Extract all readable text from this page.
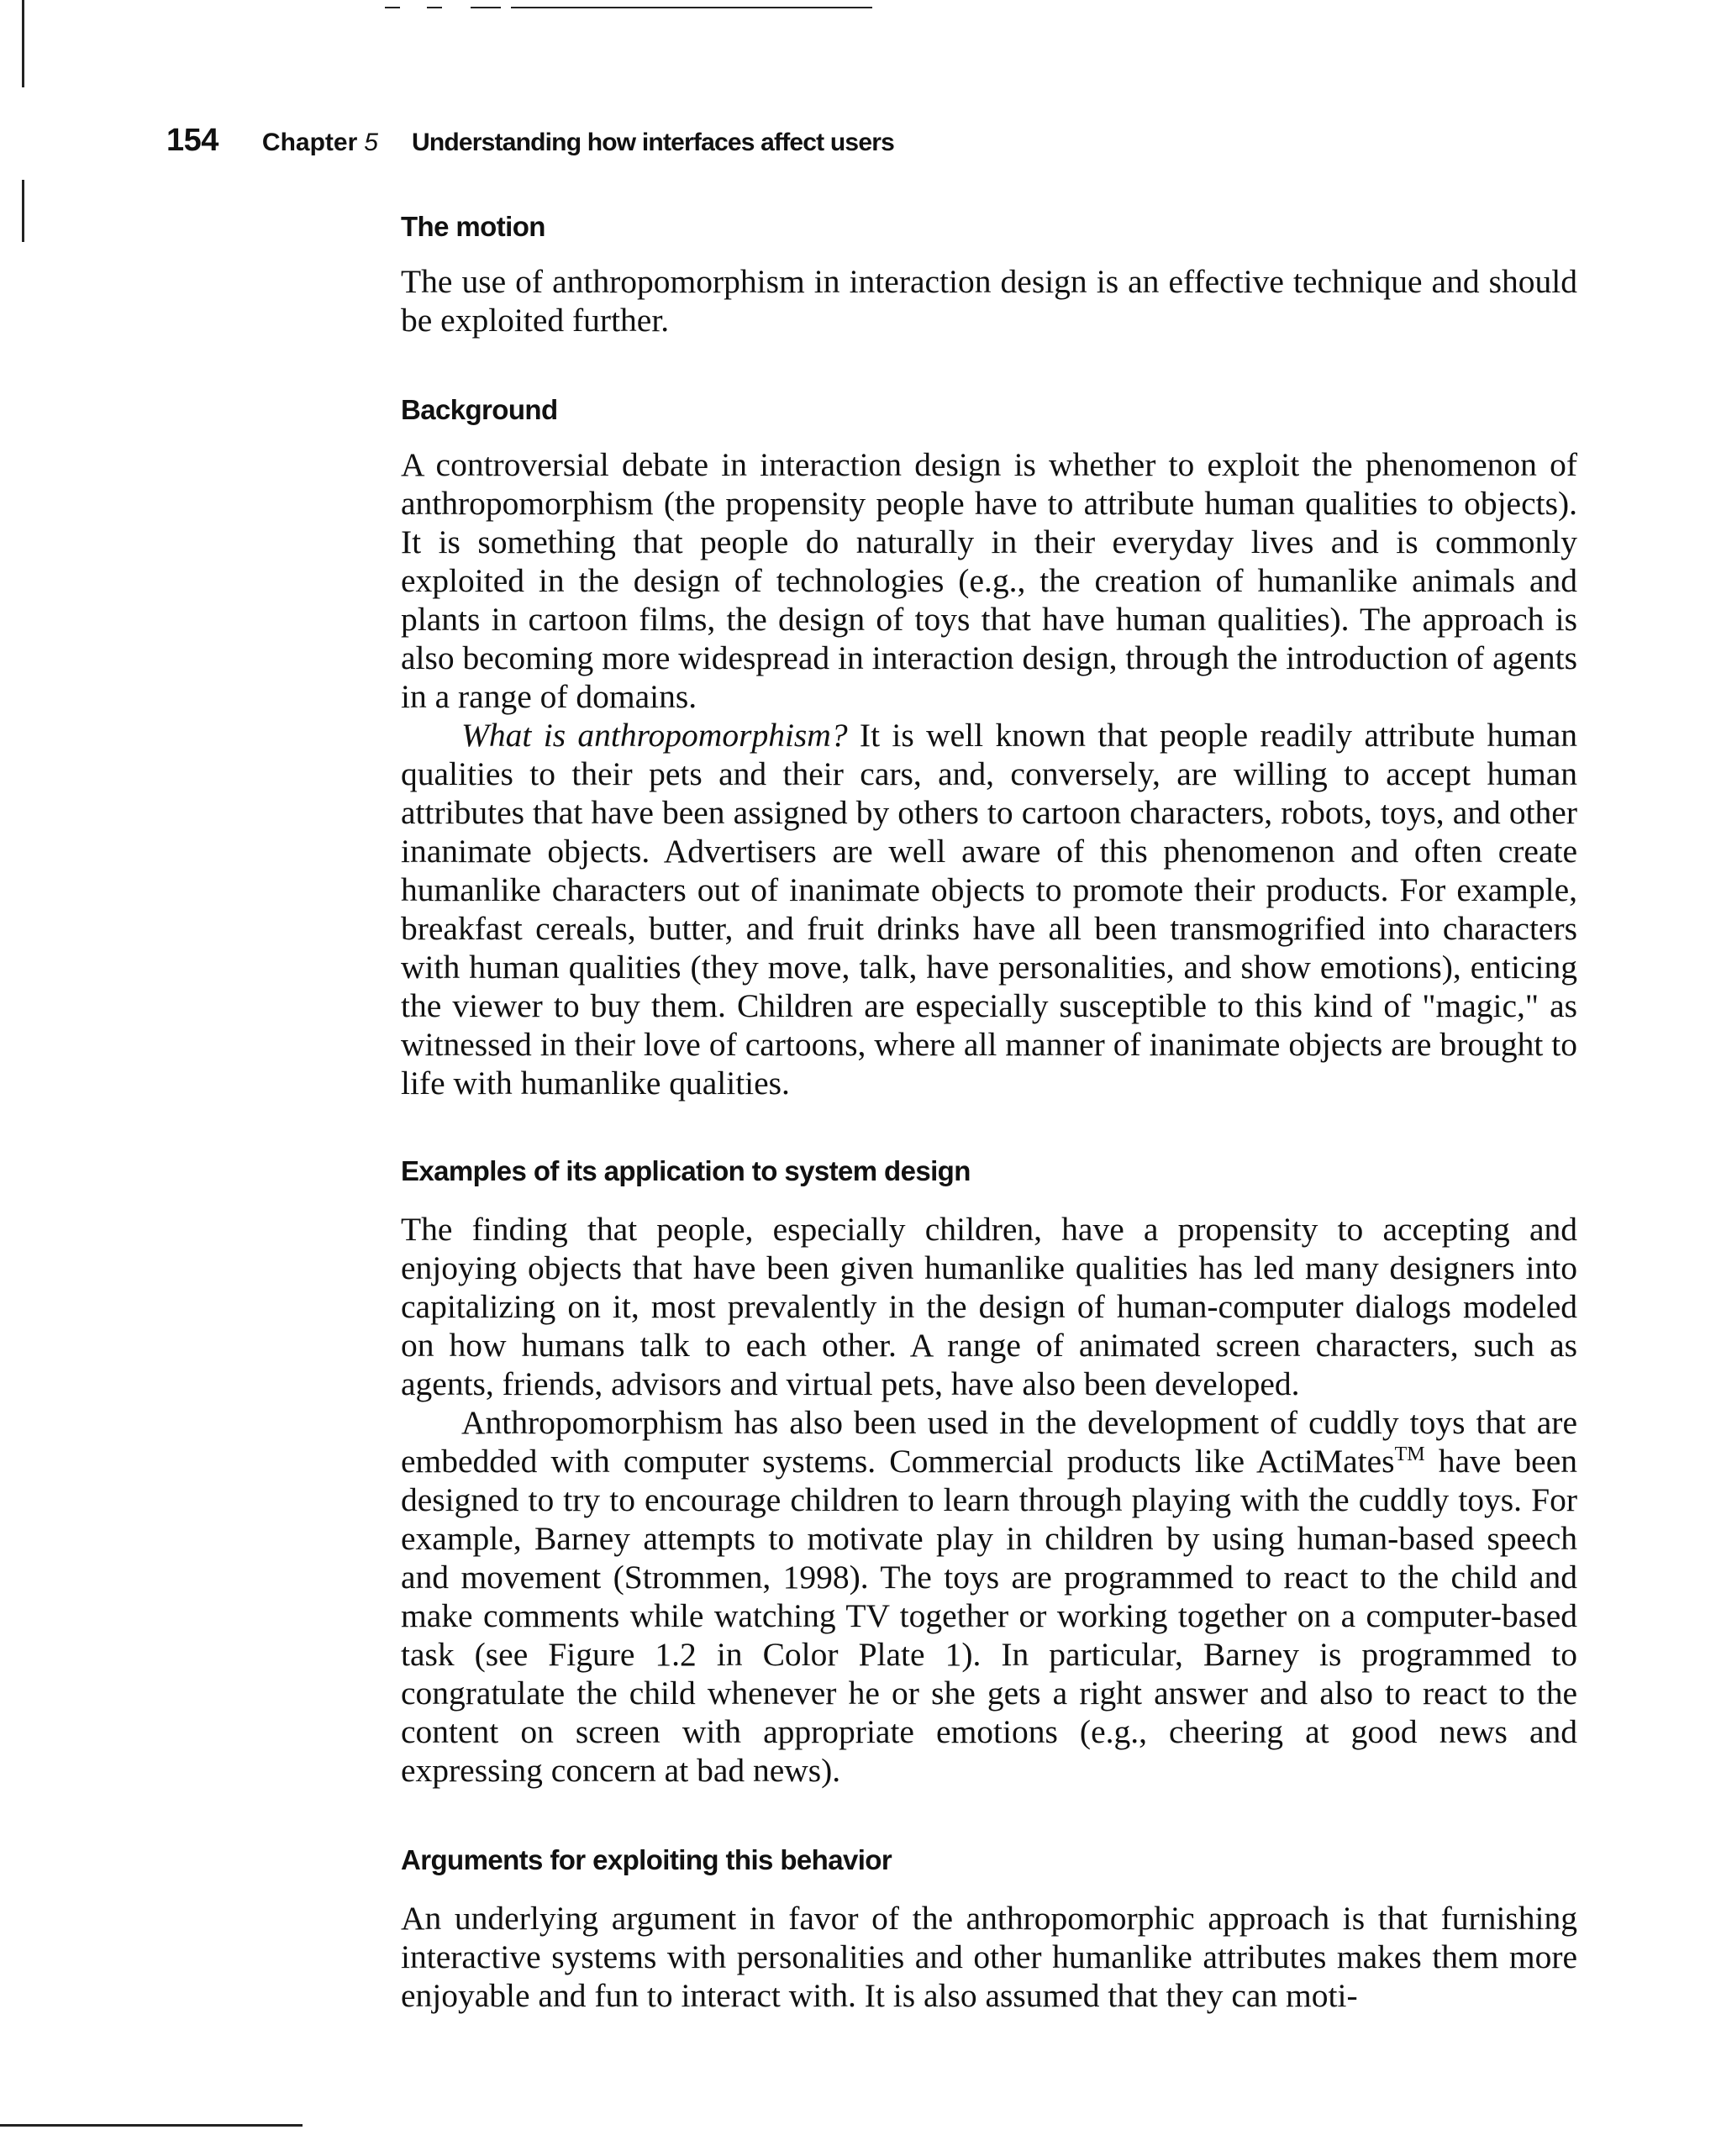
154 Chapter 5 Understanding how interfaces affect users
The motion

The use of anthropomorphism in interaction design is an effective technique and should be exploited further.

Background

A controversial debate in interaction design is whether to exploit the phenomenon of anthropomorphism (the propensity people have to attribute human qualities to objects). It is something that people do naturally in their everyday lives and is commonly exploited in the design of technologies (e.g., the creation of humanlike animals and plants in cartoon films, the design of toys that have human qualities). The approach is also becoming more widespread in interaction design, through the introduction of agents in a range of domains.

What is anthropomorphism? It is well known that people readily attribute human qualities to their pets and their cars, and, conversely, are willing to accept human attributes that have been assigned by others to cartoon characters, robots, toys, and other inanimate objects. Advertisers are well aware of this phenomenon and often create humanlike characters out of inanimate objects to promote their products. For example, breakfast cereals, butter, and fruit drinks have all been transmogrified into characters with human qualities (they move, talk, have personalities, and show emotions), enticing the viewer to buy them. Children are especially susceptible to this kind of "magic," as witnessed in their love of cartoons, where all manner of inanimate objects are brought to life with humanlike qualities.

Examples of its application to system design

The finding that people, especially children, have a propensity to accepting and enjoying objects that have been given humanlike qualities has led many designers into capitalizing on it, most prevalently in the design of human-computer dialogs modeled on how humans talk to each other. A range of animated screen characters, such as agents, friends, advisors and virtual pets, have also been developed.

Anthropomorphism has also been used in the development of cuddly toys that are embedded with computer systems. Commercial products like ActiMates™ have been designed to try to encourage children to learn through playing with the cuddly toys. For example, Barney attempts to motivate play in children by using human-based speech and movement (Strommen, 1998). The toys are programmed to react to the child and make comments while watching TV together or working together on a computer-based task (see Figure 1.2 in Color Plate 1). In particular, Barney is programmed to congratulate the child whenever he or she gets a right answer and also to react to the content on screen with appropriate emotions (e.g., cheering at good news and expressing concern at bad news).

Arguments for exploiting this behavior

An underlying argument in favor of the anthropomorphic approach is that furnishing interactive systems with personalities and other humanlike attributes makes them more enjoyable and fun to interact with. It is also assumed that they can moti-
